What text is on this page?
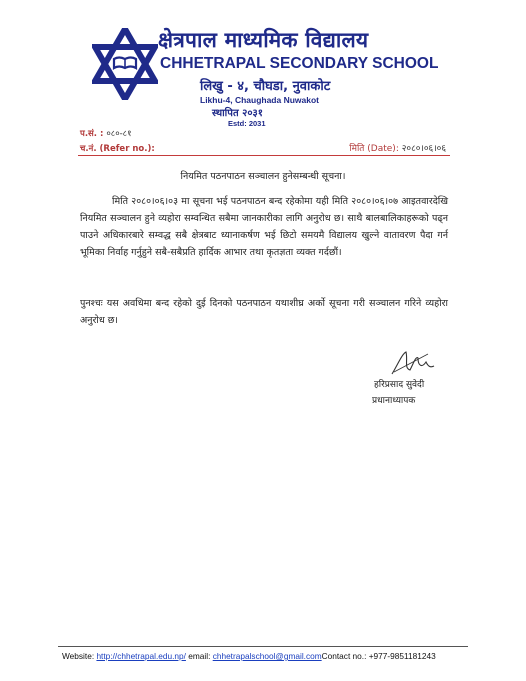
क्षेत्रपाल माध्यमिक विद्यालय
CHHETRAPAL SECONDARY SCHOOL
लिखु - ४, चौघडा, नुवाकोट
Likhu-4, Chaughada Nuwakot
स्थापित २०३१
Estd: 2031
प.सं. : ०८०-८१
च.नं. (Refer no.):	मिति (Date): २०८०।०६।०६
नियमित पठनपाठन सञ्चालन हुनेसम्बन्धी सूचना।
मिति २०८०।०६।०३ मा सूचना भई पठनपाठन बन्द रहेकोमा यही मिति २०८०।०६।०७ आइतवारदेखि नियमित सञ्चालन हुने व्यहोरा सम्वन्धित सबैमा जानकारीका लागि अनुरोध छ। साथै बालबालिकाहरूको पढ्न पाउने अधिकारबारे सम्वद्ध सबै क्षेत्रबाट ध्यानाकर्षण भई छिटो समयमै विद्यालय खुल्ने वातावरण पैदा गर्न भूमिका निर्वाह गर्नुहुने सबै-सबैप्रति हार्दिक आभार तथा कृतज्ञता व्यक्त गर्दछौं।
पुनश्चः यस अवधिमा बन्द रहेको दुई दिनको पठनपाठन यथाशीघ्र अर्को सूचना गरी सञ्चालन गरिने व्यहोरा अनुरोध छ।
हरिप्रसाद सुवेदी
प्रधानाध्यापक
Website: http://chhetrapal.edu.np/ email: chhetrapalschool@gmail.comContact no.: +977-9851181243
